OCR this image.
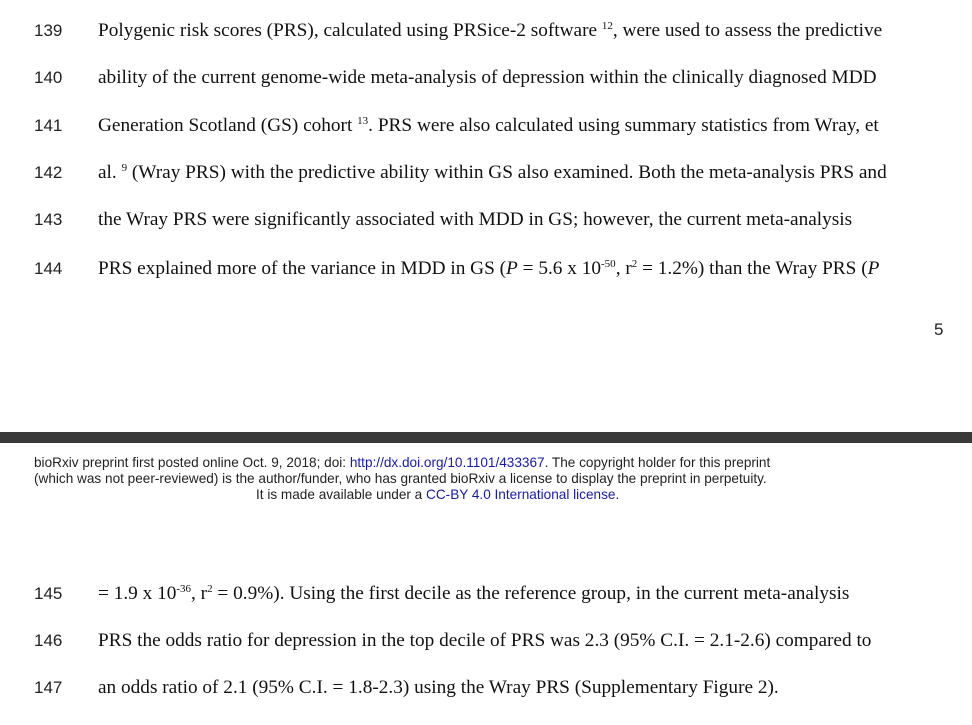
139 Polygenic risk scores (PRS), calculated using PRSice-2 software $^{12}$, were used to assess the predictive
140 ability of the current genome-wide meta-analysis of depression within the clinically diagnosed MDD
141 Generation Scotland (GS) cohort $^{13}$. PRS were also calculated using summary statistics from Wray, et
142 al. $^9$ (Wray PRS) with the predictive ability within GS also examined. Both the meta-analysis PRS and
143 the Wray PRS were significantly associated with MDD in GS; however, the current meta-analysis
144 PRS explained more of the variance in MDD in GS (P = 5.6 x $10^{-50}$, $r^2 = 1.2\%$) than the Wray PRS (P
5
bioRxiv preprint first posted online Oct. 9, 2018; doi: http://dx.doi.org/10.1101/433367. The copyright holder for this preprint
(which was not peer-reviewed) is the author/funder, who has granted bioRxiv a license to display the preprint in perpetuity.
It is made available under a CC-BY 4.0 International license.
145 = 1.9 x $10^{-36}$, $r^2 = 0.9\%$). Using the first decile as the reference group, in the current meta-analysis
146 PRS the odds ratio for depression in the top decile of PRS was 2.3 (95% C.I. = 2.1-2.6) compared to
147 an odds ratio of 2.1 (95% C.I. = 1.8-2.3) using the Wray PRS (Supplementary Figure 2).
